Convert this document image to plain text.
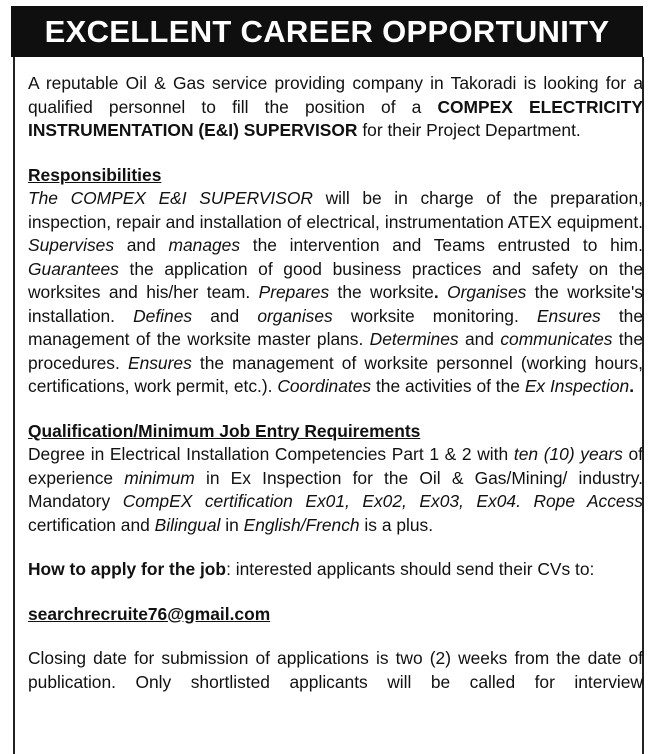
EXCELLENT CAREER OPPORTUNITY

A reputable Oil & Gas service providing company in Takoradi is looking for a qualified personnel to fill the position of a COMPEX ELECTRICITY INSTRUMENTATION (E&I) SUPERVISOR for their Project Department.

Responsibilities

The COMPEX E&I SUPERVISOR will be in charge of the preparation, inspection, repair and installation of electrical, instrumentation ATEX equipment. Supervises and manages the intervention and Teams entrusted to him. Guarantees the application of good business practices and safety on the worksites and his/her team. Prepares the worksite. Organises the worksite's installation. Defines and organises worksite monitoring. Ensures the management of the worksite master plans. Determines and communicates the procedures. Ensures the management of worksite personnel (working hours, certifications, work permit, etc.). Coordinates the activities of the Ex Inspection.

Qualification/Minimum Job Entry Requirements

Degree in Electrical Installation Competencies Part 1 & 2 with ten (10) years of experience minimum in Ex Inspection for the Oil & Gas/Mining/ industry. Mandatory CompEX certification Ex01, Ex02, Ex03, Ex04. Rope Access certification and Bilingual in English/French is a plus.

How to apply for the job: interested applicants should send their CVs to:

searchrecruite76@gmail.com

Closing date for submission of applications is two (2) weeks from the date of publication. Only shortlisted applicants will be called for interview
